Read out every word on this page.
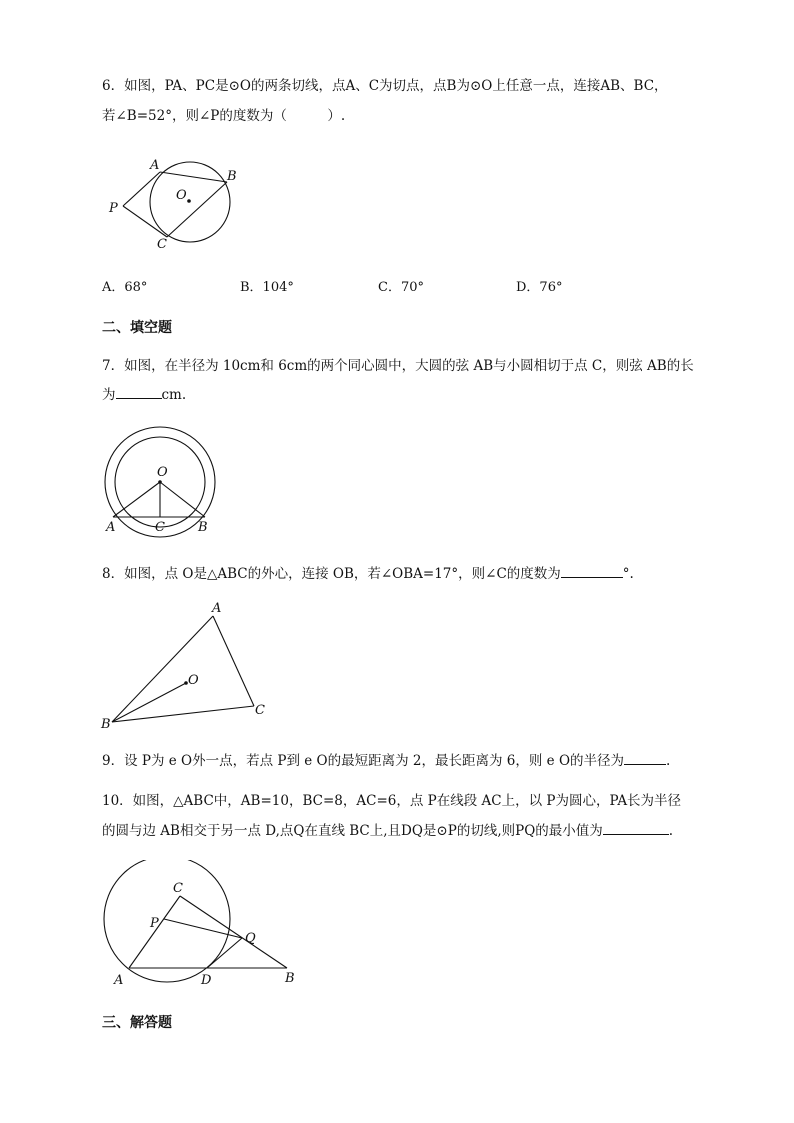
6．如图，PA、PC是⊙O的两条切线，点A、C为切点，点B为⊙O上任意一点，连接AB、BC，
若∠B=52°，则∠P的度数为（　　　）.
A
B
C
P
O
A．68°	B．104°	C．70°	D．76°
二、填空题
7．如图，在半径为 10cm和 6cm的两个同心圆中，大圆的弦 AB与小圆相切于点 C，则弦 AB的长
为	cm.
O
A	B
C
8．如图，点 O是△ABC的外心，连接 OB，若∠OBA=17°，则∠C的度数为	°.
A
B
C
O
9．设 P为 e O外一点，若点 P到 e O的最短距离为 2，最长距离为 6，则 e O的半径为	.
10．如图，△ABC中，AB=10，BC=8，AC=6，点 P在线段 AC上，以 P为圆心，PA长为半径
的圆与边 AB相交于另一点 D,点Q在直线 BC上,且DQ是⊙P的切线,则PQ的最小值为	.
C
P
Q
A	D	B
三、解答题
